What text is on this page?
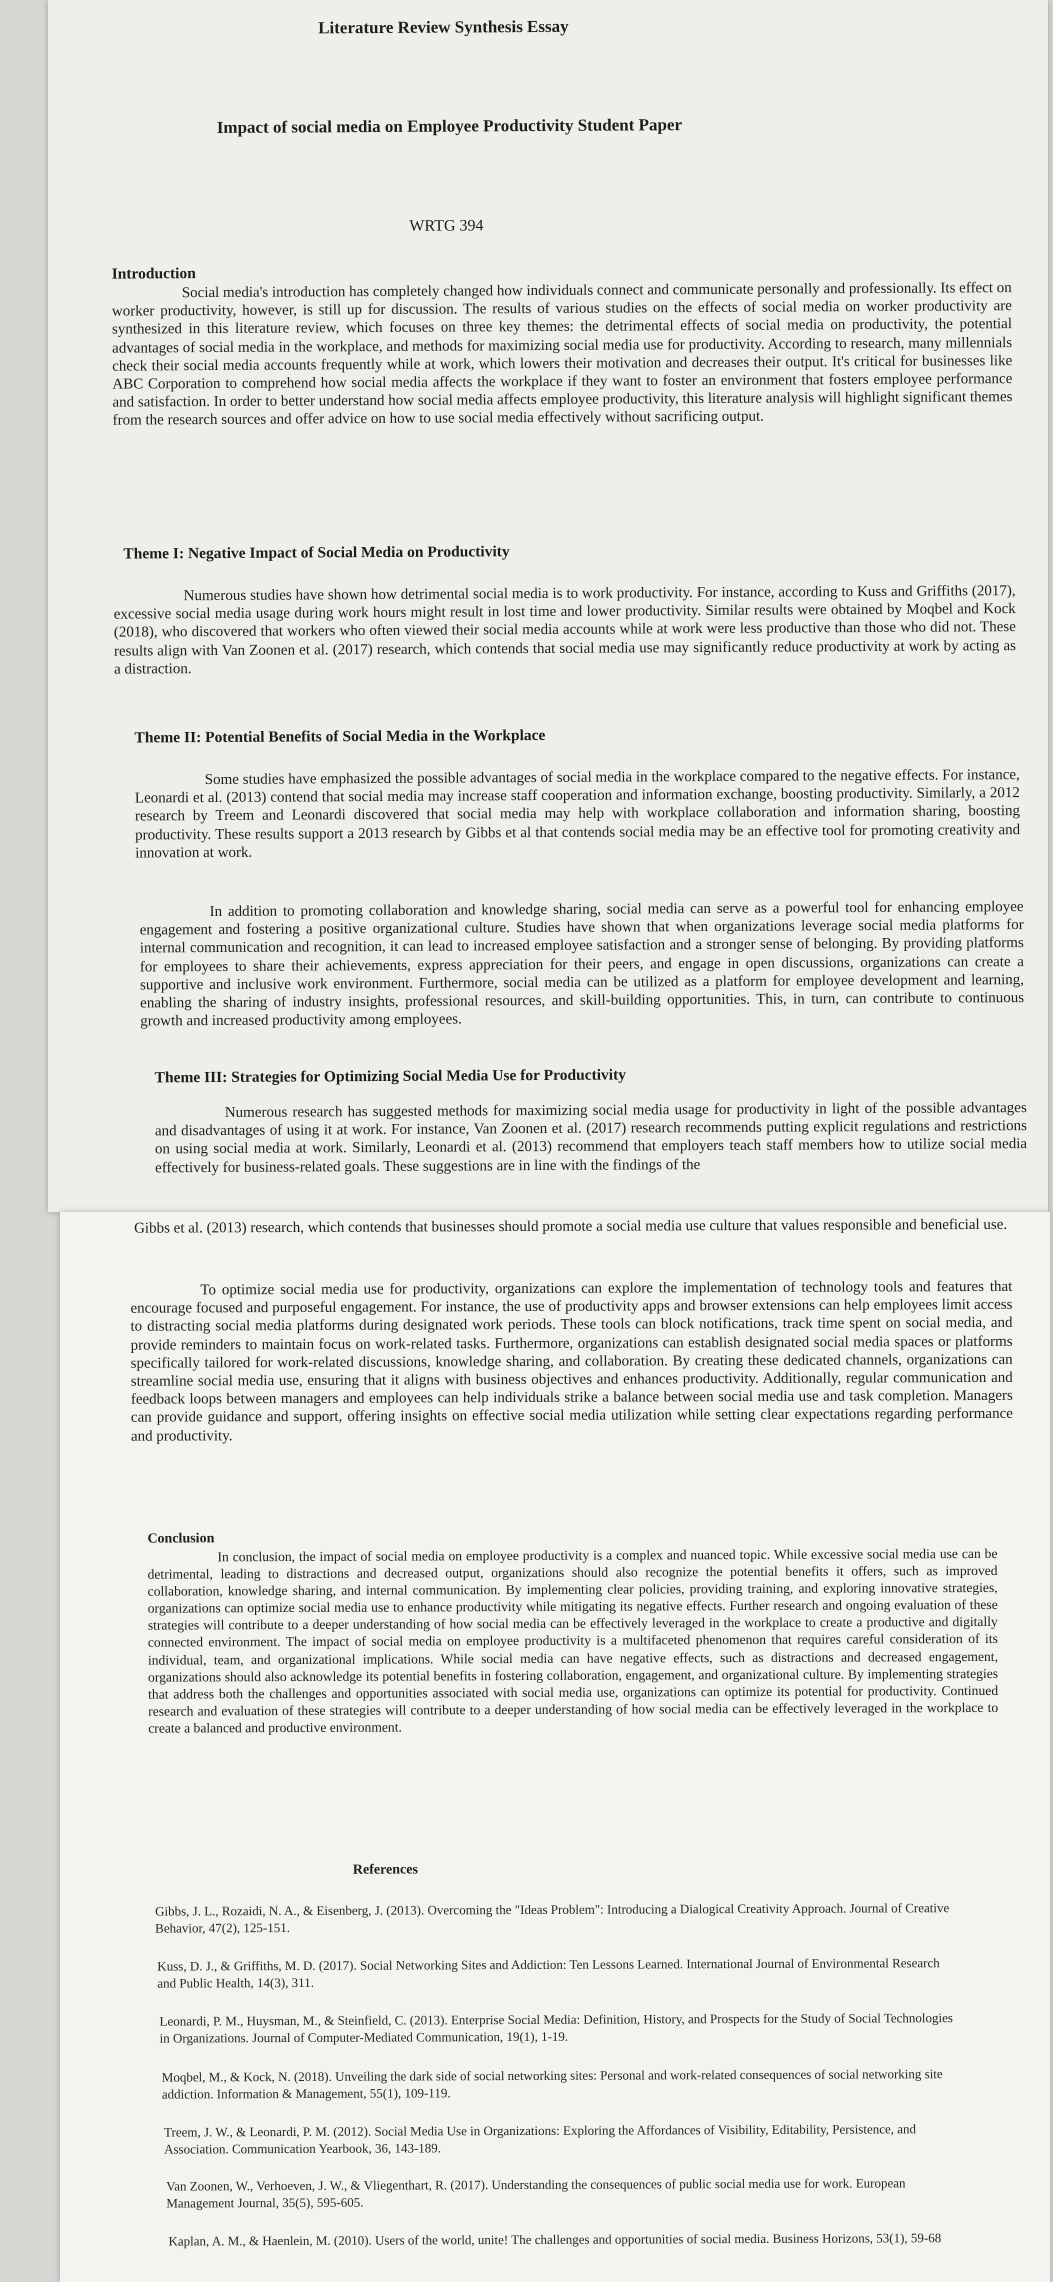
Literature Review Synthesis Essay
Impact of social media on Employee Productivity Student Paper
WRTG 394
Introduction
Social media's introduction has completely changed how individuals connect and communicate personally and professionally. Its effect on worker productivity, however, is still up for discussion. The results of various studies on the effects of social media on worker productivity are synthesized in this literature review, which focuses on three key themes: the detrimental effects of social media on productivity, the potential advantages of social media in the workplace, and methods for maximizing social media use for productivity. According to research, many millennials check their social media accounts frequently while at work, which lowers their motivation and decreases their output. It's critical for businesses like ABC Corporation to comprehend how social media affects the workplace if they want to foster an environment that fosters employee performance and satisfaction. In order to better understand how social media affects employee productivity, this literature analysis will highlight significant themes from the research sources and offer advice on how to use social media effectively without sacrificing output.
Theme I: Negative Impact of Social Media on Productivity
Numerous studies have shown how detrimental social media is to work productivity. For instance, according to Kuss and Griffiths (2017), excessive social media usage during work hours might result in lost time and lower productivity. Similar results were obtained by Moqbel and Kock (2018), who discovered that workers who often viewed their social media accounts while at work were less productive than those who did not. These results align with Van Zoonen et al. (2017) research, which contends that social media use may significantly reduce productivity at work by acting as a distraction.
Theme II: Potential Benefits of Social Media in the Workplace
Some studies have emphasized the possible advantages of social media in the workplace compared to the negative effects. For instance, Leonardi et al. (2013) contend that social media may increase staff cooperation and information exchange, boosting productivity. Similarly, a 2012 research by Treem and Leonardi discovered that social media may help with workplace collaboration and information sharing, boosting productivity. These results support a 2013 research by Gibbs et al that contends social media may be an effective tool for promoting creativity and innovation at work.
In addition to promoting collaboration and knowledge sharing, social media can serve as a powerful tool for enhancing employee engagement and fostering a positive organizational culture. Studies have shown that when organizations leverage social media platforms for internal communication and recognition, it can lead to increased employee satisfaction and a stronger sense of belonging. By providing platforms for employees to share their achievements, express appreciation for their peers, and engage in open discussions, organizations can create a supportive and inclusive work environment. Furthermore, social media can be utilized as a platform for employee development and learning, enabling the sharing of industry insights, professional resources, and skill-building opportunities. This, in turn, can contribute to continuous growth and increased productivity among employees.
Theme III: Strategies for Optimizing Social Media Use for Productivity
Numerous research has suggested methods for maximizing social media usage for productivity in light of the possible advantages and disadvantages of using it at work. For instance, Van Zoonen et al. (2017) research recommends putting explicit regulations and restrictions on using social media at work. Similarly, Leonardi et al. (2013) recommend that employers teach staff members how to utilize social media effectively for business-related goals. These suggestions are in line with the findings of the
Gibbs et al. (2013) research, which contends that businesses should promote a social media use culture that values responsible and beneficial use.
To optimize social media use for productivity, organizations can explore the implementation of technology tools and features that encourage focused and purposeful engagement. For instance, the use of productivity apps and browser extensions can help employees limit access to distracting social media platforms during designated work periods. These tools can block notifications, track time spent on social media, and provide reminders to maintain focus on work-related tasks. Furthermore, organizations can establish designated social media spaces or platforms specifically tailored for work-related discussions, knowledge sharing, and collaboration. By creating these dedicated channels, organizations can streamline social media use, ensuring that it aligns with business objectives and enhances productivity. Additionally, regular communication and feedback loops between managers and employees can help individuals strike a balance between social media use and task completion. Managers can provide guidance and support, offering insights on effective social media utilization while setting clear expectations regarding performance and productivity.
Conclusion
In conclusion, the impact of social media on employee productivity is a complex and nuanced topic. While excessive social media use can be detrimental, leading to distractions and decreased output, organizations should also recognize the potential benefits it offers, such as improved collaboration, knowledge sharing, and internal communication. By implementing clear policies, providing training, and exploring innovative strategies, organizations can optimize social media use to enhance productivity while mitigating its negative effects. Further research and ongoing evaluation of these strategies will contribute to a deeper understanding of how social media can be effectively leveraged in the workplace to create a productive and digitally connected environment. The impact of social media on employee productivity is a multifaceted phenomenon that requires careful consideration of its individual, team, and organizational implications. While social media can have negative effects, such as distractions and decreased engagement, organizations should also acknowledge its potential benefits in fostering collaboration, engagement, and organizational culture. By implementing strategies that address both the challenges and opportunities associated with social media use, organizations can optimize its potential for productivity. Continued research and evaluation of these strategies will contribute to a deeper understanding of how social media can be effectively leveraged in the workplace to create a balanced and productive environment.
References
Gibbs, J. L., Rozaidi, N. A., & Eisenberg, J. (2013). Overcoming the "Ideas Problem": Introducing a Dialogical Creativity Approach. Journal of Creative Behavior, 47(2), 125-151.
Kuss, D. J., & Griffiths, M. D. (2017). Social Networking Sites and Addiction: Ten Lessons Learned. International Journal of Environmental Research and Public Health, 14(3), 311.
Leonardi, P. M., Huysman, M., & Steinfield, C. (2013). Enterprise Social Media: Definition, History, and Prospects for the Study of Social Technologies in Organizations. Journal of Computer-Mediated Communication, 19(1), 1-19.
Moqbel, M., & Kock, N. (2018). Unveiling the dark side of social networking sites: Personal and work-related consequences of social networking site addiction. Information & Management, 55(1), 109-119.
Treem, J. W., & Leonardi, P. M. (2012). Social Media Use in Organizations: Exploring the Affordances of Visibility, Editability, Persistence, and Association. Communication Yearbook, 36, 143-189.
Van Zoonen, W., Verhoeven, J. W., & Vliegenthart, R. (2017). Understanding the consequences of public social media use for work. European Management Journal, 35(5), 595-605.
Kaplan, A. M., & Haenlein, M. (2010). Users of the world, unite! The challenges and opportunities of social media. Business Horizons, 53(1), 59-68
